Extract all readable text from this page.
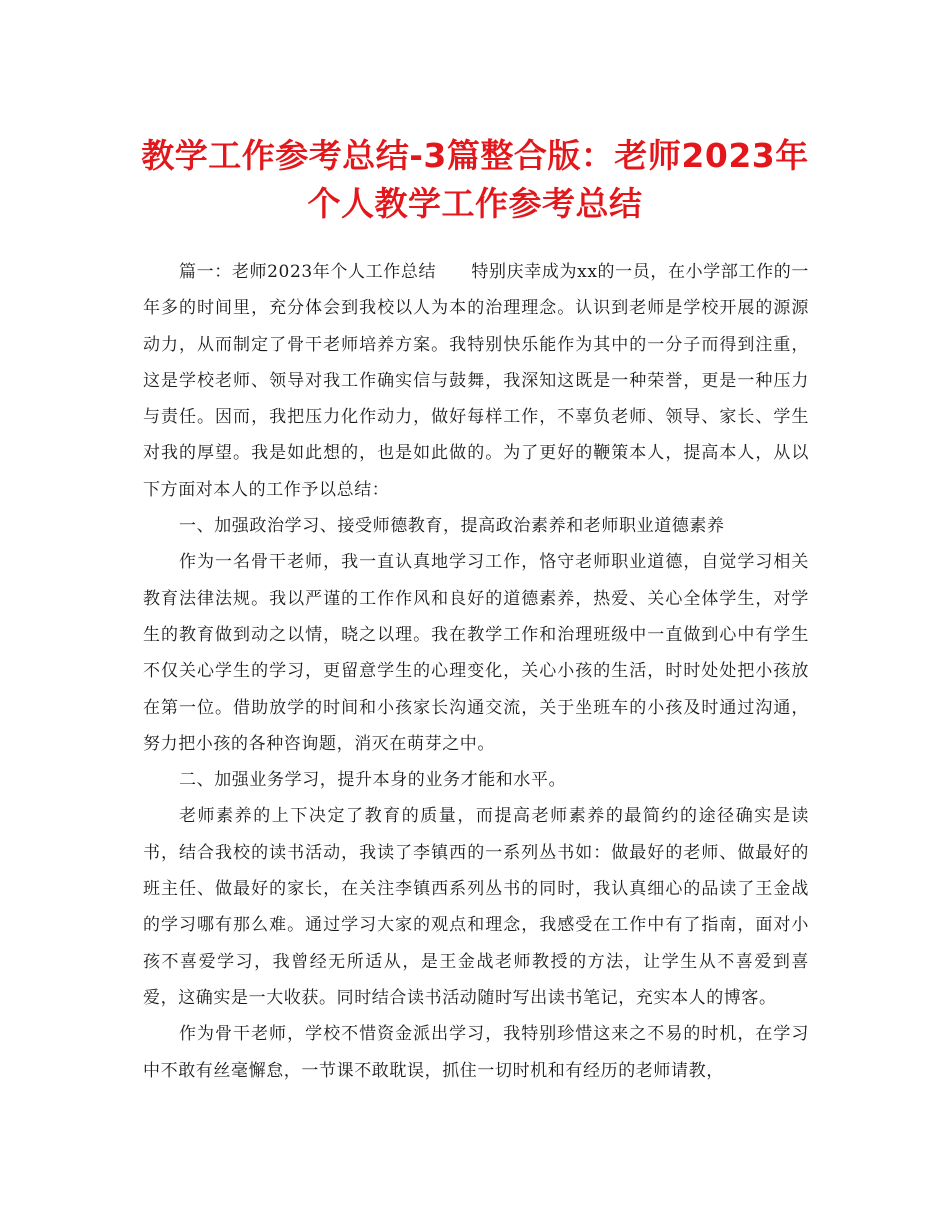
教学工作参考总结-3篇整合版：老师2023年个人教学工作参考总结

篇一：老师2023年个人工作总结　　特别庆幸成为xx的一员，在小学部工作的一年多的时间里，充分体会到我校以人为本的治理理念。认识到老师是学校开展的源源动力，从而制定了骨干老师培养方案。我特别快乐能作为其中的一分子而得到注重，这是学校老师、领导对我工作确实信与鼓舞，我深知这既是一种荣誉，更是一种压力与责任。因而，我把压力化作动力，做好每样工作，不辜负老师、领导、家长、学生对我的厚望。我是如此想的，也是如此做的。为了更好的鞭策本人，提高本人，从以下方面对本人的工作予以总结：

一、加强政治学习、接受师德教育，提高政治素养和老师职业道德素养

作为一名骨干老师，我一直认真地学习工作，恪守老师职业道德，自觉学习相关教育法律法规。我以严谨的工作作风和良好的道德素养，热爱、关心全体学生，对学生的教育做到动之以情，晓之以理。我在教学工作和治理班级中一直做到心中有学生不仅关心学生的学习，更留意学生的心理变化，关心小孩的生活，时时处处把小孩放在第一位。借助放学的时间和小孩家长沟通交流，关于坐班车的小孩及时通过沟通，努力把小孩的各种咨询题，消灭在萌芽之中。

二、加强业务学习，提升本身的业务才能和水平。

老师素养的上下决定了教育的质量，而提高老师素养的最简约的途径确实是读书，结合我校的读书活动，我读了李镇西的一系列丛书如：做最好的老师、做最好的班主任、做最好的家长，在关注李镇西系列丛书的同时，我认真细心的品读了王金战的学习哪有那么难。通过学习大家的观点和理念，我感受在工作中有了指南，面对小孩不喜爱学习，我曾经无所适从，是王金战老师教授的方法，让学生从不喜爱到喜爱，这确实是一大收获。同时结合读书活动随时写出读书笔记，充实本人的博客。

作为骨干老师，学校不惜资金派出学习，我特别珍惜这来之不易的时机，在学习中不敢有丝毫懈怠，一节课不敢耽误，抓住一切时机和有经历的老师请教，
